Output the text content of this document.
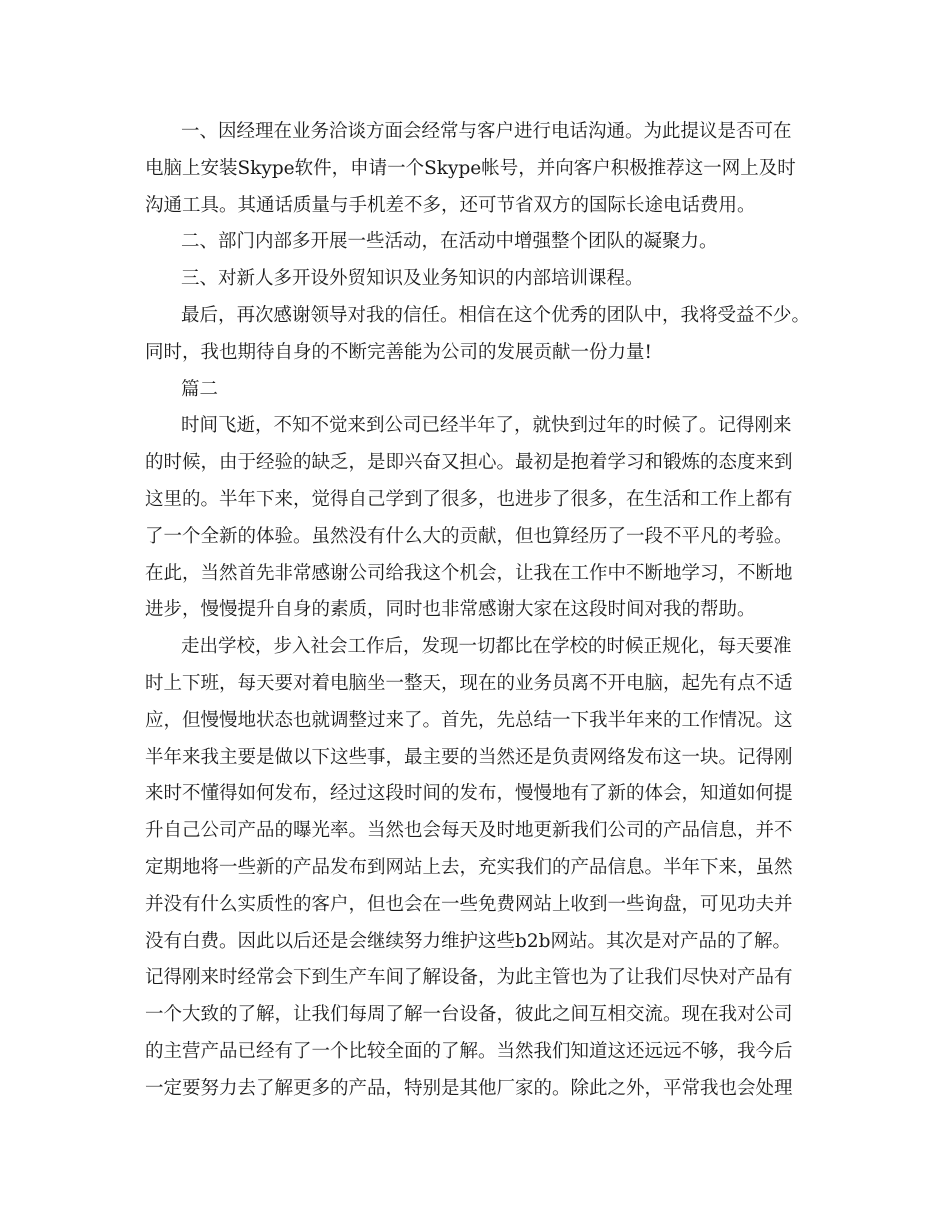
一、因经理在业务洽谈方面会经常与客户进行电话沟通。为此提议是否可在
电脑上安装Skype软件，申请一个Skype帐号，并向客户积极推荐这一网上及时
沟通工具。其通话质量与手机差不多，还可节省双方的国际长途电话费用。
二、部门内部多开展一些活动，在活动中增强整个团队的凝聚力。
三、对新人多开设外贸知识及业务知识的内部培训课程。
最后，再次感谢领导对我的信任。相信在这个优秀的团队中，我将受益不少。
同时，我也期待自身的不断完善能为公司的发展贡献一份力量!
篇二
时间飞逝，不知不觉来到公司已经半年了，就快到过年的时候了。记得刚来
的时候，由于经验的缺乏，是即兴奋又担心。最初是抱着学习和锻炼的态度来到
这里的。半年下来，觉得自己学到了很多，也进步了很多，在生活和工作上都有
了一个全新的体验。虽然没有什么大的贡献，但也算经历了一段不平凡的考验。
在此，当然首先非常感谢公司给我这个机会，让我在工作中不断地学习，不断地
进步，慢慢提升自身的素质，同时也非常感谢大家在这段时间对我的帮助。
走出学校，步入社会工作后，发现一切都比在学校的时候正规化，每天要准
时上下班，每天要对着电脑坐一整天，现在的业务员离不开电脑，起先有点不适
应，但慢慢地状态也就调整过来了。首先，先总结一下我半年来的工作情况。这
半年来我主要是做以下这些事，最主要的当然还是负责网络发布这一块。记得刚
来时不懂得如何发布，经过这段时间的发布，慢慢地有了新的体会，知道如何提
升自己公司产品的曝光率。当然也会每天及时地更新我们公司的产品信息，并不
定期地将一些新的产品发布到网站上去，充实我们的产品信息。半年下来，虽然
并没有什么实质性的客户，但也会在一些免费网站上收到一些询盘，可见功夫并
没有白费。因此以后还是会继续努力维护这些b2b网站。其次是对产品的了解。
记得刚来时经常会下到生产车间了解设备，为此主管也为了让我们尽快对产品有
一个大致的了解，让我们每周了解一台设备，彼此之间互相交流。现在我对公司
的主营产品已经有了一个比较全面的了解。当然我们知道这还远远不够，我今后
一定要努力去了解更多的产品，特别是其他厂家的。除此之外，平常我也会处理
